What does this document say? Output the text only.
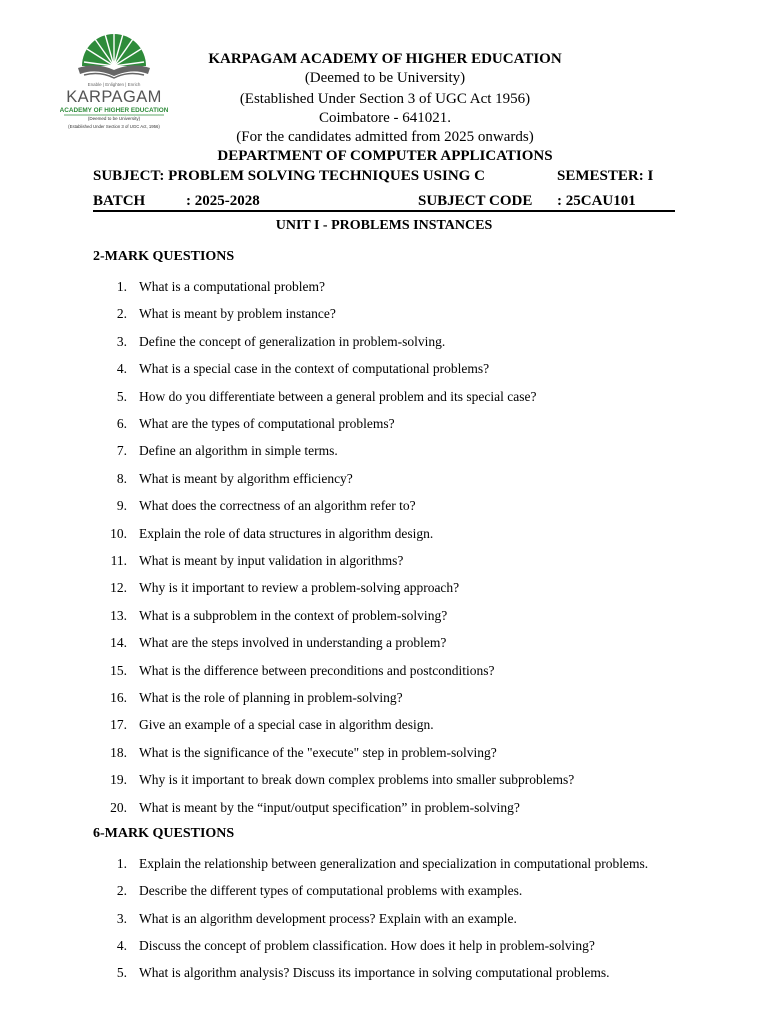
Enable | Enlighten | Enrich
KARPAGAM
ACADEMY OF HIGHER EDUCATION
(Deemed to be University)
(Established Under Section 3 of UGC Act, 1956)
KARPAGAM ACADEMY OF HIGHER EDUCATION
(Deemed to be University)
(Established Under Section 3 of UGC Act 1956)
Coimbatore - 641021.
(For the candidates admitted from 2025 onwards)
DEPARTMENT OF COMPUTER APPLICATIONS
SUBJECT: PROBLEM SOLVING TECHNIQUES USING C	SEMESTER: I
BATCH	: 2025-2028	SUBJECT CODE : 25CAU101
UNIT I - PROBLEMS INSTANCES
2-MARK QUESTIONS
1. What is a computational problem?
2. What is meant by problem instance?
3. Define the concept of generalization in problem-solving.
4. What is a special case in the context of computational problems?
5. How do you differentiate between a general problem and its special case?
6. What are the types of computational problems?
7. Define an algorithm in simple terms.
8. What is meant by algorithm efficiency?
9. What does the correctness of an algorithm refer to?
10. Explain the role of data structures in algorithm design.
11. What is meant by input validation in algorithms?
12. Why is it important to review a problem-solving approach?
13. What is a subproblem in the context of problem-solving?
14. What are the steps involved in understanding a problem?
15. What is the difference between preconditions and postconditions?
16. What is the role of planning in problem-solving?
17. Give an example of a special case in algorithm design.
18. What is the significance of the "execute" step in problem-solving?
19. Why is it important to break down complex problems into smaller subproblems?
20. What is meant by the “input/output specification” in problem-solving?
6-MARK QUESTIONS
1. Explain the relationship between generalization and specialization in computational problems.
2. Describe the different types of computational problems with examples.
3. What is an algorithm development process? Explain with an example.
4. Discuss the concept of problem classification. How does it help in problem-solving?
5. What is algorithm analysis? Discuss its importance in solving computational problems.
